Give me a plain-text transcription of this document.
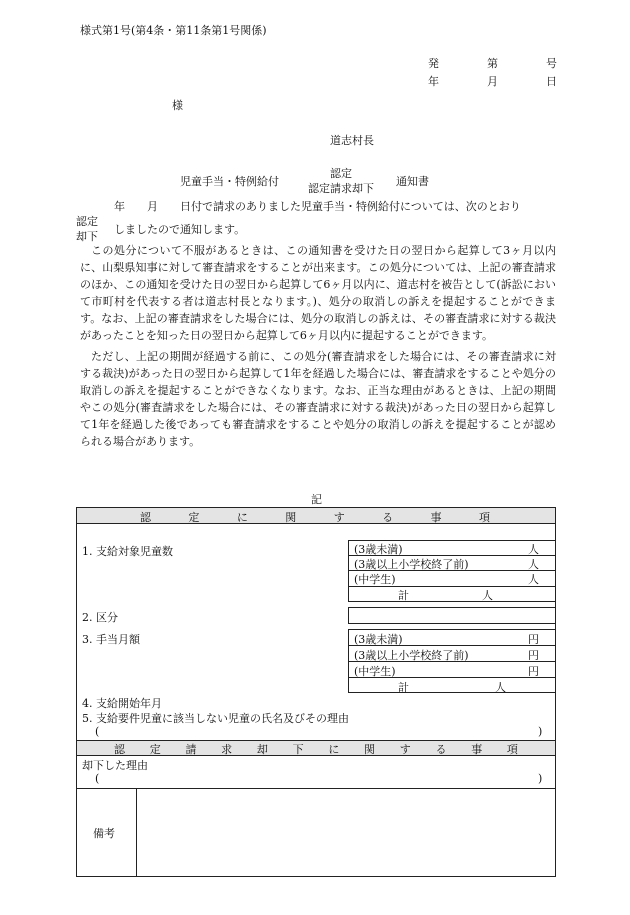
様式第1号(第4条・第11条第1号関係)
発	第	号
年	月	日
様
道志村長
児童手当・特例給付
認定
認定請求却下
通知書
年 月 日付で請求のありました児童手当・特例給付については、次のとおり
認定
却下
しましたので通知します。

この処分について不服があるときは、この通知書を受けた日の翌日から起算して3ヶ月以内に、山梨県知事に対して審査請求をすることが出来ます。この処分については、上記の審査請求のほか、この通知を受けた日の翌日から起算して6ヶ月以内に、道志村を被告として(訴訟において市町村を代表する者は道志村長となります。)、処分の取消しの訴えを提起することができます。なお、上記の審査請求をした場合には、処分の取消しの訴えは、その審査請求に対する裁決があったことを知った日の翌日から起算して6ヶ月以内に提起することができます。

ただし、上記の期間が経過する前に、この処分(審査請求をした場合には、その審査請求に対する裁決)があった日の翌日から起算して1年を経過した場合には、審査請求をすることや処分の取消しの訴えを提起することができなくなります。なお、正当な理由があるときは、上記の期間やこの処分(審査請求をした場合には、その審査請求に対する裁決)があった日の翌日から起算して1年を経過した後であっても審査請求をすることや処分の取消しの訴えを提起することが認められる場合があります。

記
認	定	に	関	す	る	事	項
1. 支給対象児童数	(3歳未満)	人
(3歳以上小学校終了前)	人
(中学生)	人
計	人
2. 区分
3. 手当月額	(3歳未満)	円
(3歳以上小学校終了前)	円
(中学生)	円
計	人
4. 支給開始年月
5. 支給要件児童に該当しない児童の氏名及びその理由
(	)
認 定 請 求 却 下 に 関 す る 事 項
却下した理由
(	)
備考
